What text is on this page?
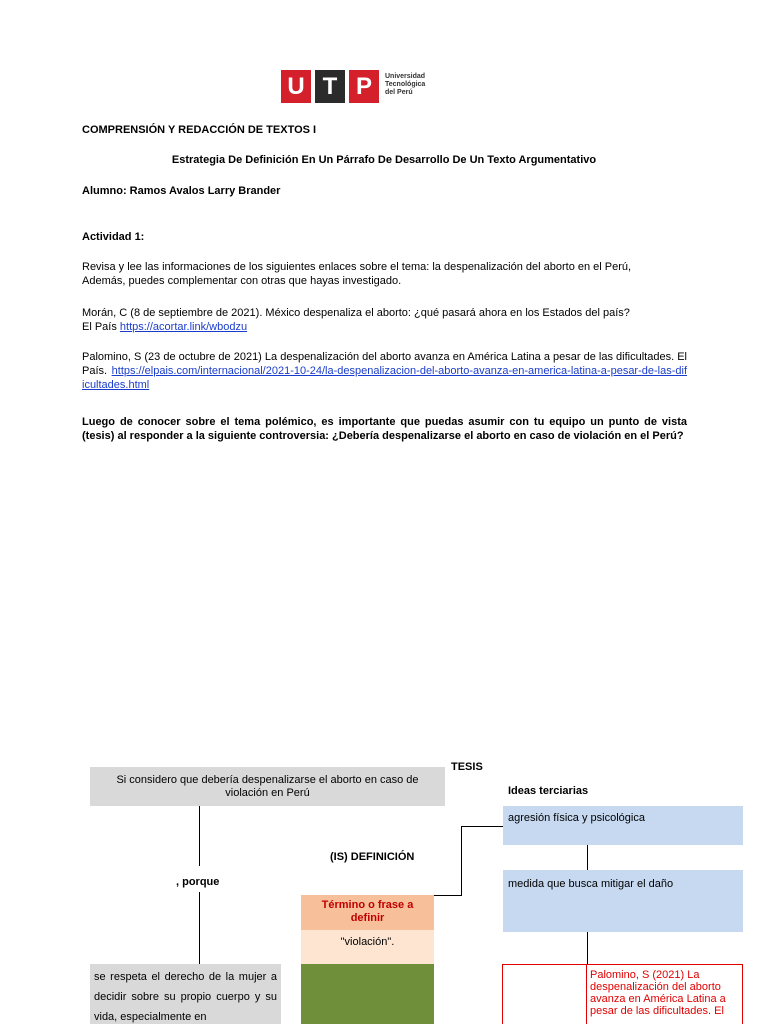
U T P	Universidad
Tecnológica
del Perú
COMPRENSIÓN Y REDACCIÓN DE TEXTOS I
Estrategia De Definición En Un Párrafo De Desarrollo De Un Texto Argumentativo
Alumno: Ramos Avalos Larry Brander
Actividad 1:
Revisa y lee las informaciones de los siguientes enlaces sobre el tema: la despenalización del aborto en el Perú,
Además, puedes complementar con otras que hayas investigado.
Morán, C (8 de septiembre de 2021). México despenaliza el aborto: ¿qué pasará ahora en los Estados del país?
El País https://acortar.link/wbodzu
Palomino, S (23 de octubre de 2021) La despenalización del aborto avanza en América Latina a pesar de las dificultades. El País. https://elpais.com/internacional/2021-10-24/la-despenalizacion-del-aborto-avanza-en-america-latina-a-pesar-de-las-dificultades.html
Luego de conocer sobre el tema polémico, es importante que puedas asumir con tu equipo un punto de vista (tesis) al responder a la siguiente controversia: ¿Debería despenalizarse el aborto en caso de violación en el Perú?
Si considero que debería despenalizarse el aborto en caso de violación en Perú
TESIS
Ideas terciarias
agresión física y psicológica
medida que busca mitigar el daño
(IS) DEFINICIÓN
, porque
Término o frase a definir
"violación".
se respeta el derecho de la mujer a decidir sobre su propio cuerpo y su vida, especialmente en
Palomino, S (2021) La despenalización del aborto avanza en América Latina a pesar de las dificultades. El
